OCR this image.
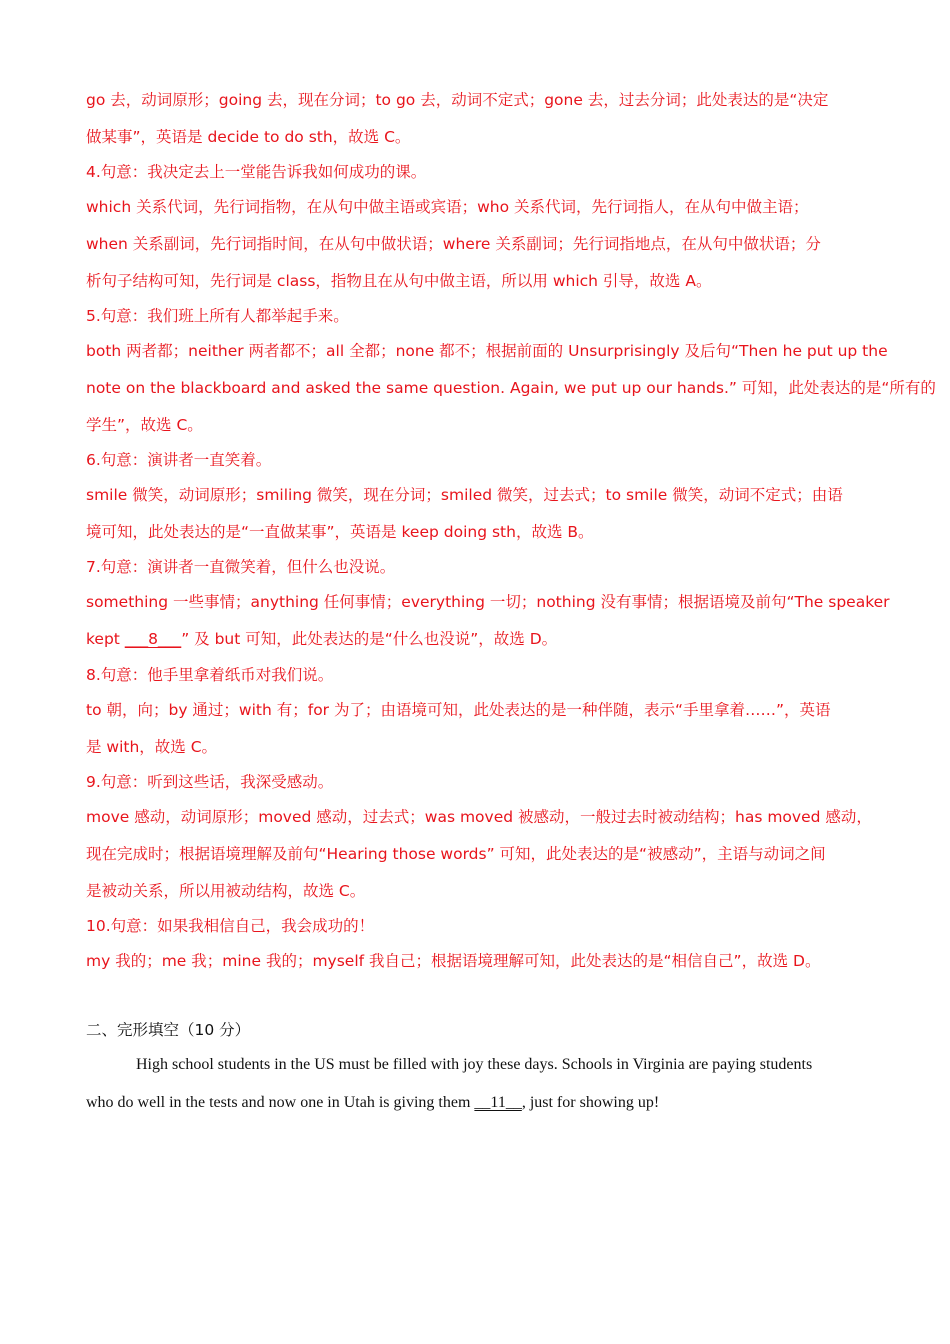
go 去，动词原形；going 去，现在分词；to go 去，动词不定式；gone 去，过去分词；此处表达的是“决定
做某事”，英语是 decide to do sth，故选 C。
4.句意：我决定去上一堂能告诉我如何成功的课。
which 关系代词，先行词指物，在从句中做主语或宾语；who 关系代词，先行词指人，在从句中做主语；
when 关系副词，先行词指时间，在从句中做状语；where 关系副词；先行词指地点，在从句中做状语；分
析句子结构可知，先行词是 class，指物且在从句中做主语，所以用 which 引导，故选 A。
5.句意：我们班上所有人都举起手来。
both 两者都；neither 两者都不；all 全都；none 都不；根据前面的 Unsurprisingly 及后句“Then he put up the
note on the blackboard and asked the same question. Again, we put up our hands.” 可知，此处表达的是“所有的
学生”，故选 C。
6.句意：演讲者一直笑着。
smile 微笑，动词原形；smiling 微笑，现在分词；smiled 微笑，过去式；to smile 微笑，动词不定式；由语
境可知，此处表达的是“一直做某事”，英语是 keep doing sth，故选 B。
7.句意：演讲者一直微笑着，但什么也没说。
something 一些事情；anything 任何事情；everything 一切；nothing 没有事情；根据语境及前句“The speaker
8.句意：他手里拿着纸币对我们说。
to 朝，向；by 通过；with 有；for 为了；由语境可知，此处表达的是一种伴随，表示“手里拿着……”，英语
是 with，故选 C。
9.句意：听到这些话，我深受感动。
move 感动，动词原形；moved 感动，过去式；was moved 被感动，一般过去时被动结构；has moved 感动，
现在完成时；根据语境理解及前句“Hearing those words” 可知，此处表达的是“被感动”，主语与动词之间
是被动关系，所以用被动结构，故选 C。
10.句意：如果我相信自己，我会成功的！
my 我的；me 我；mine 我的；myself 我自己；根据语境理解可知，此处表达的是“相信自己”，故选 D。
kept ___8___” 及 but 可知，此处表达的是“什么也没说”，故选 D。
二、完形填空（10 分）
High school students in the US must be filled with joy these days. Schools in Virginia are paying students
who do well in the tests and now one in Utah is giving them __11__, just for showing up!
